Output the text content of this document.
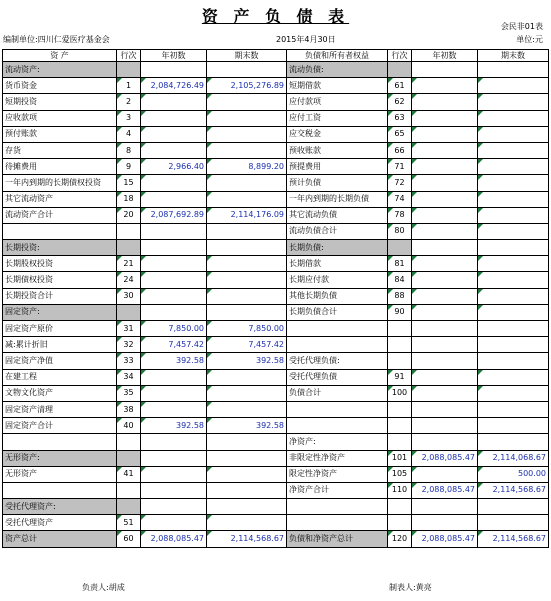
资 产 负 债 表
会民非01表
编制单位:四川仁爱医疗基金会	2015年4月30日	单位:元
资 产	行次	年初数	期末数	负债和所有者权益	行次	年初数	期末数
流动资产:				流动负债:			
货币资金	1	2,084,726.49	2,105,276.89	短期借款	61		
短期投资	2			应付款项	62		
应收款项	3			应付工资	63		
预付账款	4			应交税金	65		
存货	8			预收账款	66		
待摊费用	9	2,966.40	8,899.20	预提费用	71		
一年内到期的长期债权投资	15			预计负债	72		
其它流动资产	18			一年内到期的长期负债	74		
流动资产合计	20	2,087,692.89	2,114,176.09	其它流动负债	78		
				流动负债合计	80		
长期投资:				长期负债:			
长期股权投资	21			长期借款	81		
长期债权投资	24			长期应付款	84		
长期投资合计	30			其他长期负债	88		
固定资产:				长期负债合计	90		
固定资产原价	31	7,850.00	7,850.00				
减:累计折旧	32	7,457.42	7,457.42				
固定资产净值	33	392.58	392.58	受托代理负债:			
在建工程	34			受托代理负债	91		
文物文化资产	35			负债合计	100		
固定资产清理	38						
固定资产合计	40	392.58	392.58				
				净资产:			
无形资产:				非限定性净资产	101	2,088,085.47	2,114,068.67
无形资产	41			限定性净资产	105		500.00
				净资产合计	110	2,088,085.47	2,114,568.67
受托代理资产:							
受托代理资产	51						
资产总计	60	2,088,085.47	2,114,568.67	负债和净资产总计	120	2,088,085.47	2,114,568.67
负责人:胡成	制表人:黄亮
